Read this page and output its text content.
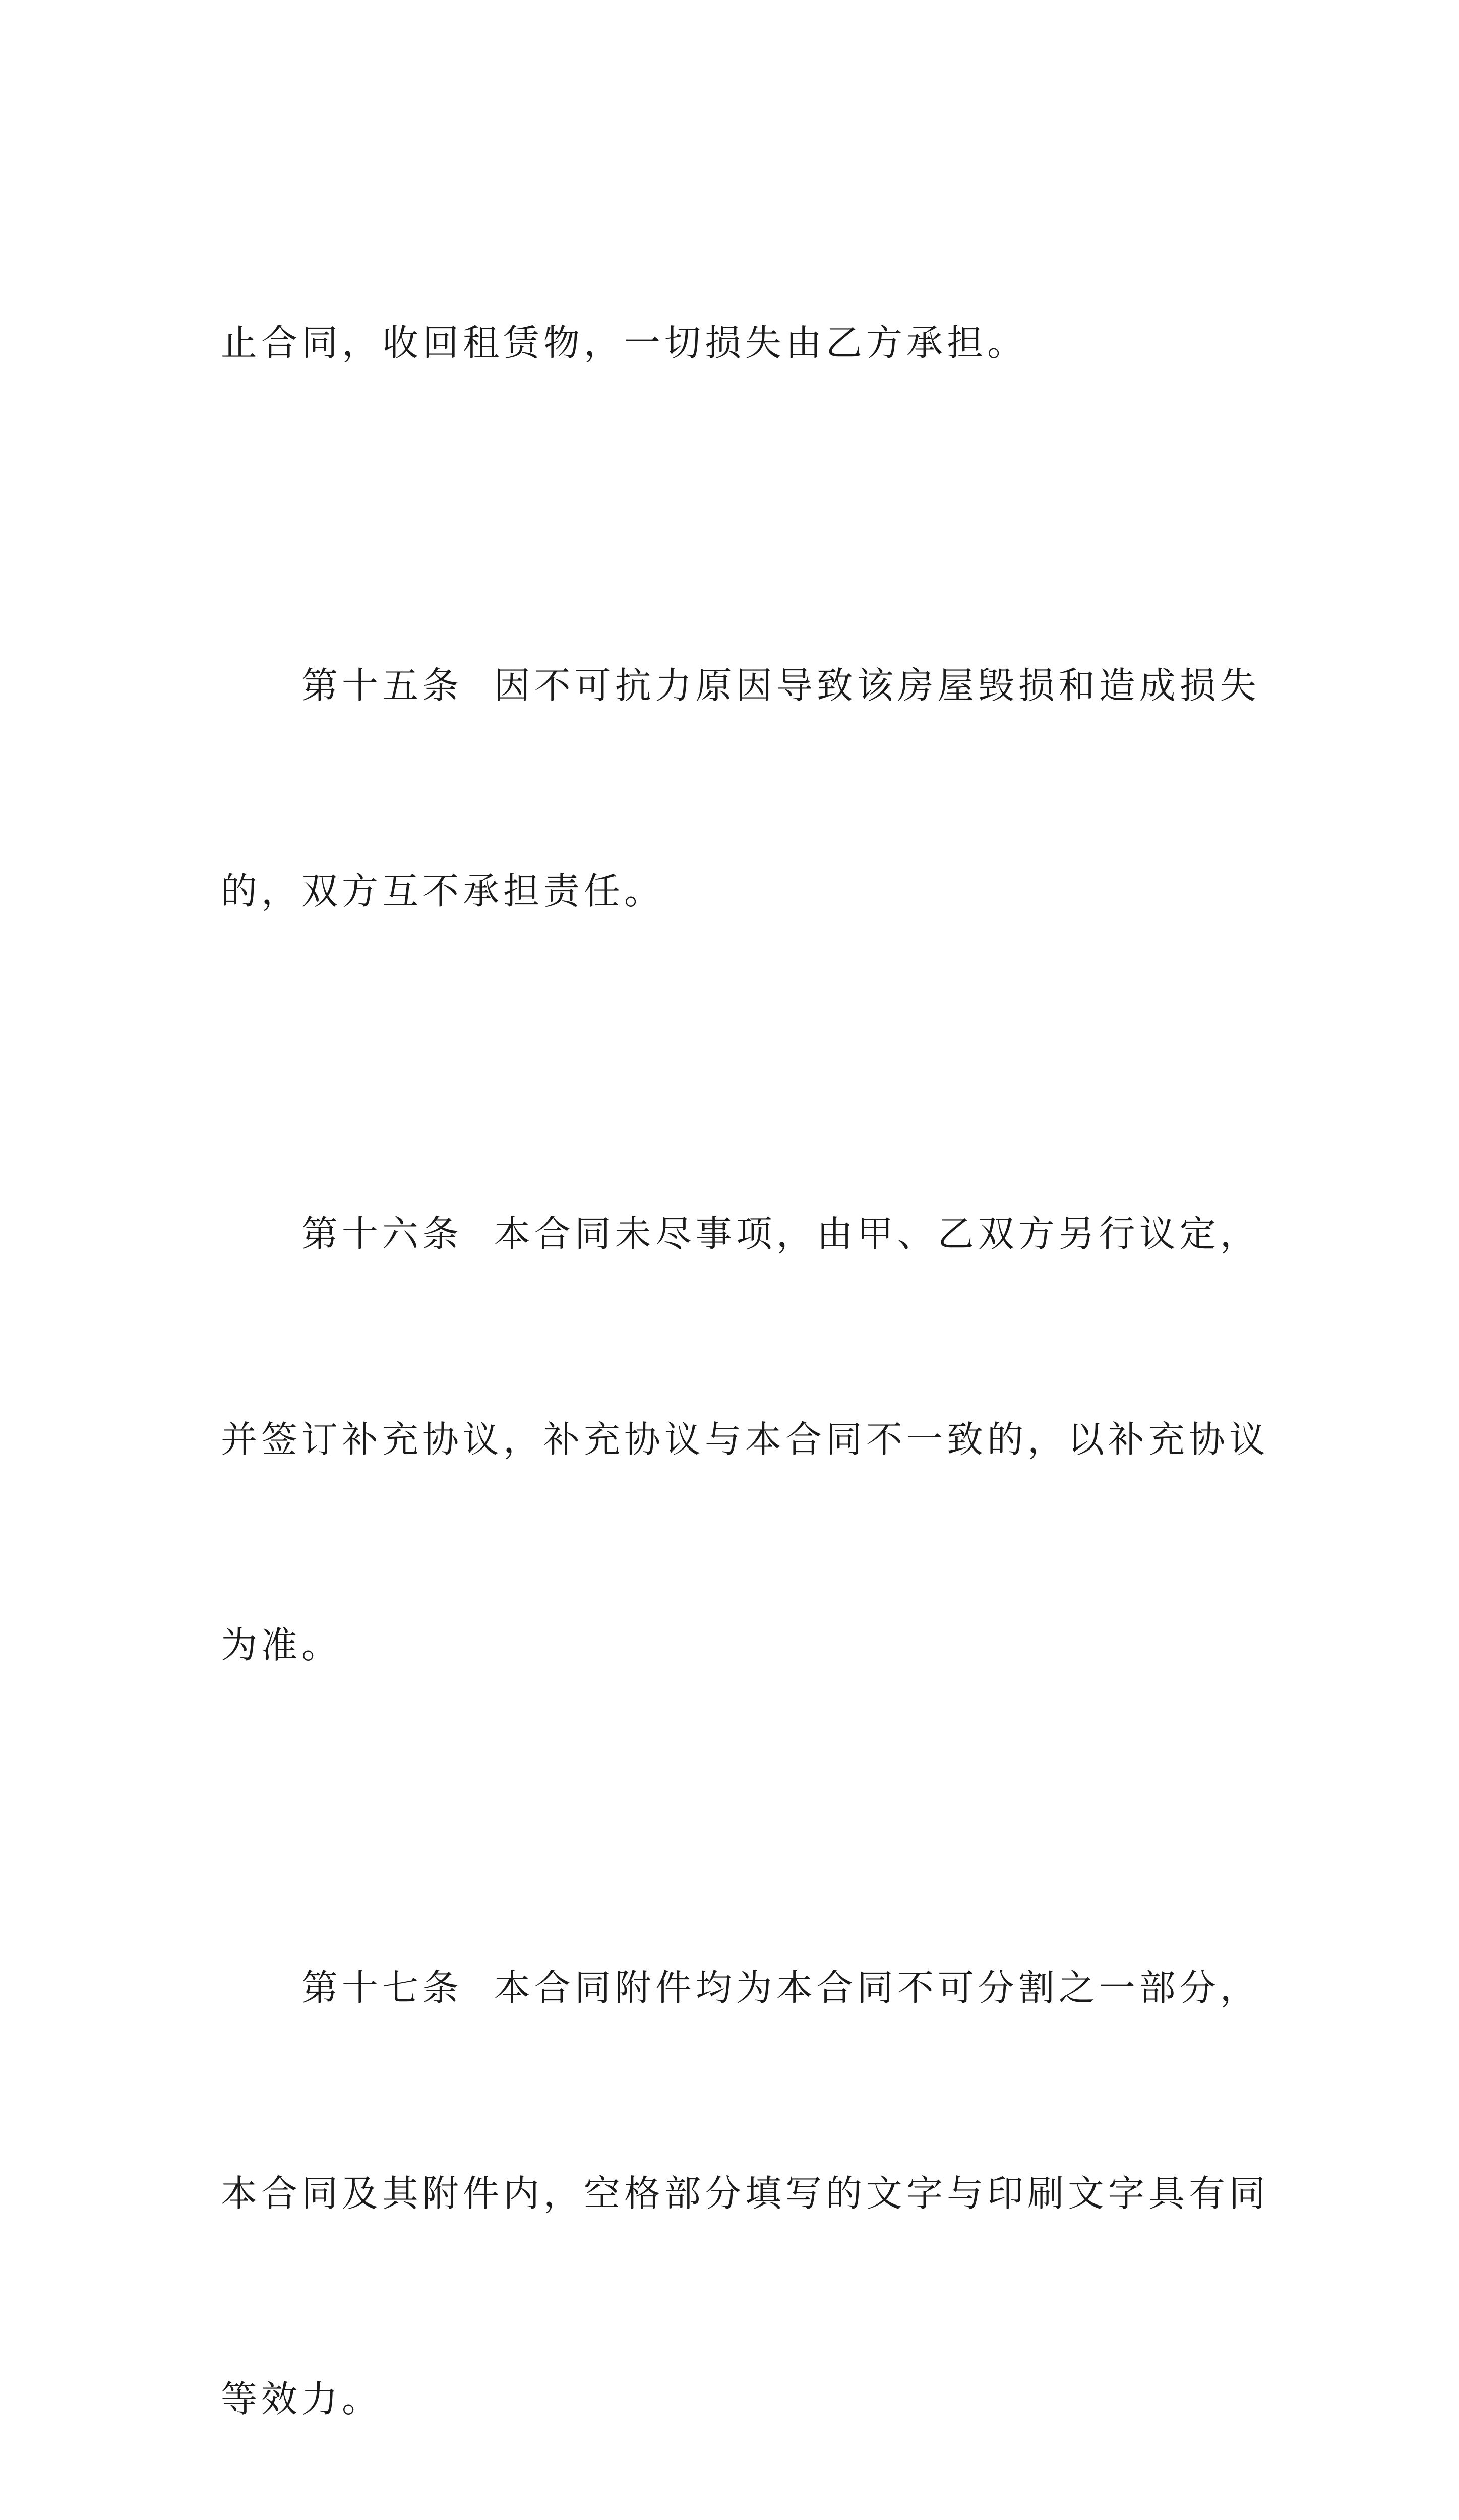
止合同，收回租赁物，一切损失由乙方承担。

第十五条  因不可抗力原因导致该房屋毁损和造成损失

的，双方互不承担责任。

第十六条  本合同未尽事项，由甲、乙双方另行议定，

并签订补充协议，补充协议与本合同不一致的，以补充协议

为准。

第十七条  本合同附件均为本合同不可分割之一部分，

本合同及其附件内，空格部分填写的文字与印刷文字具有同

等效力。
